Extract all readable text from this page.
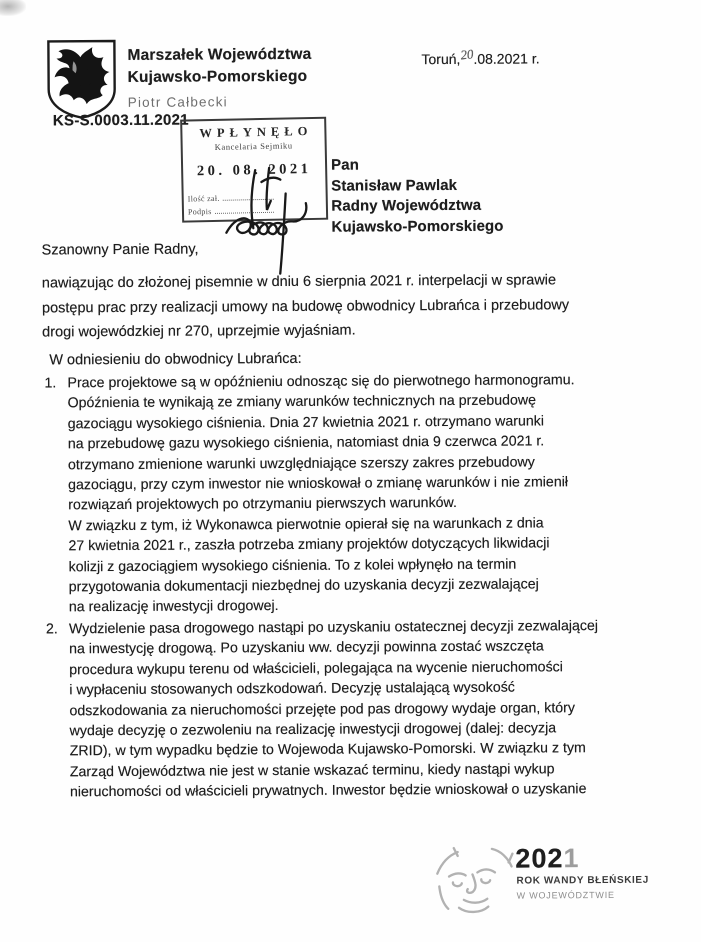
Marszałek Województwa
Kujawsko-Pomorskiego
Piotr Całbecki
Toruń,20.08.2021 r.
KS-S.0003.11.2021
WPŁYNĘŁO
Kancelaria Sejmiku
20. 08. 2021
Ilość zał.
Podpis
Pan
Stanisław Pawlak
Radny Województwa
Kujawsko-Pomorskiego
Szanowny Panie Radny,
nawiązując do złożonej pisemnie w dniu 6 sierpnia 2021 r. interpelacji w sprawie
postępu prac przy realizacji umowy na budowę obwodnicy Lubrańca i przebudowy
drogi wojewódzkiej nr 270, uprzejmie wyjaśniam.
W odniesieniu do obwodnicy Lubrańca:
1. Prace projektowe są w opóźnieniu odnosząc się do pierwotnego harmonogramu.
Opóźnienia te wynikają ze zmiany warunków technicznych na przebudowę
gazociągu wysokiego ciśnienia. Dnia 27 kwietnia 2021 r. otrzymano warunki
na przebudowę gazu wysokiego ciśnienia, natomiast dnia 9 czerwca 2021 r.
otrzymano zmienione warunki uwzględniające szerszy zakres przebudowy
gazociągu, przy czym inwestor nie wnioskował o zmianę warunków i nie zmienił
rozwiązań projektowych po otrzymaniu pierwszych warunków.
W związku z tym, iż Wykonawca pierwotnie opierał się na warunkach z dnia
27 kwietnia 2021 r., zaszła potrzeba zmiany projektów dotyczących likwidacji
kolizji z gazociągiem wysokiego ciśnienia. To z kolei wpłynęło na termin
przygotowania dokumentacji niezbędnej do uzyskania decyzji zezwalającej
na realizację inwestycji drogowej.
2. Wydzielenie pasa drogowego nastąpi po uzyskaniu ostatecznej decyzji zezwalającej
na inwestycję drogową. Po uzyskaniu ww. decyzji powinna zostać wszczęta
procedura wykupu terenu od właścicieli, polegająca na wycenie nieruchomości
i wypłaceniu stosowanych odszkodowań. Decyzję ustalającą wysokość
odszkodowania za nieruchomości przejęte pod pas drogowy wydaje organ, który
wydaje decyzję o zezwoleniu na realizację inwestycji drogowej (dalej: decyzja
ZRID), w tym wypadku będzie to Wojewoda Kujawsko-Pomorski. W związku z tym
Zarząd Województwa nie jest w stanie wskazać terminu, kiedy nastąpi wykup
nieruchomości od właścicieli prywatnych. Inwestor będzie wnioskował o uzyskanie
2021
ROK WANDY BŁEŃSKIEJ
W WOJEWÓDZTWIE
